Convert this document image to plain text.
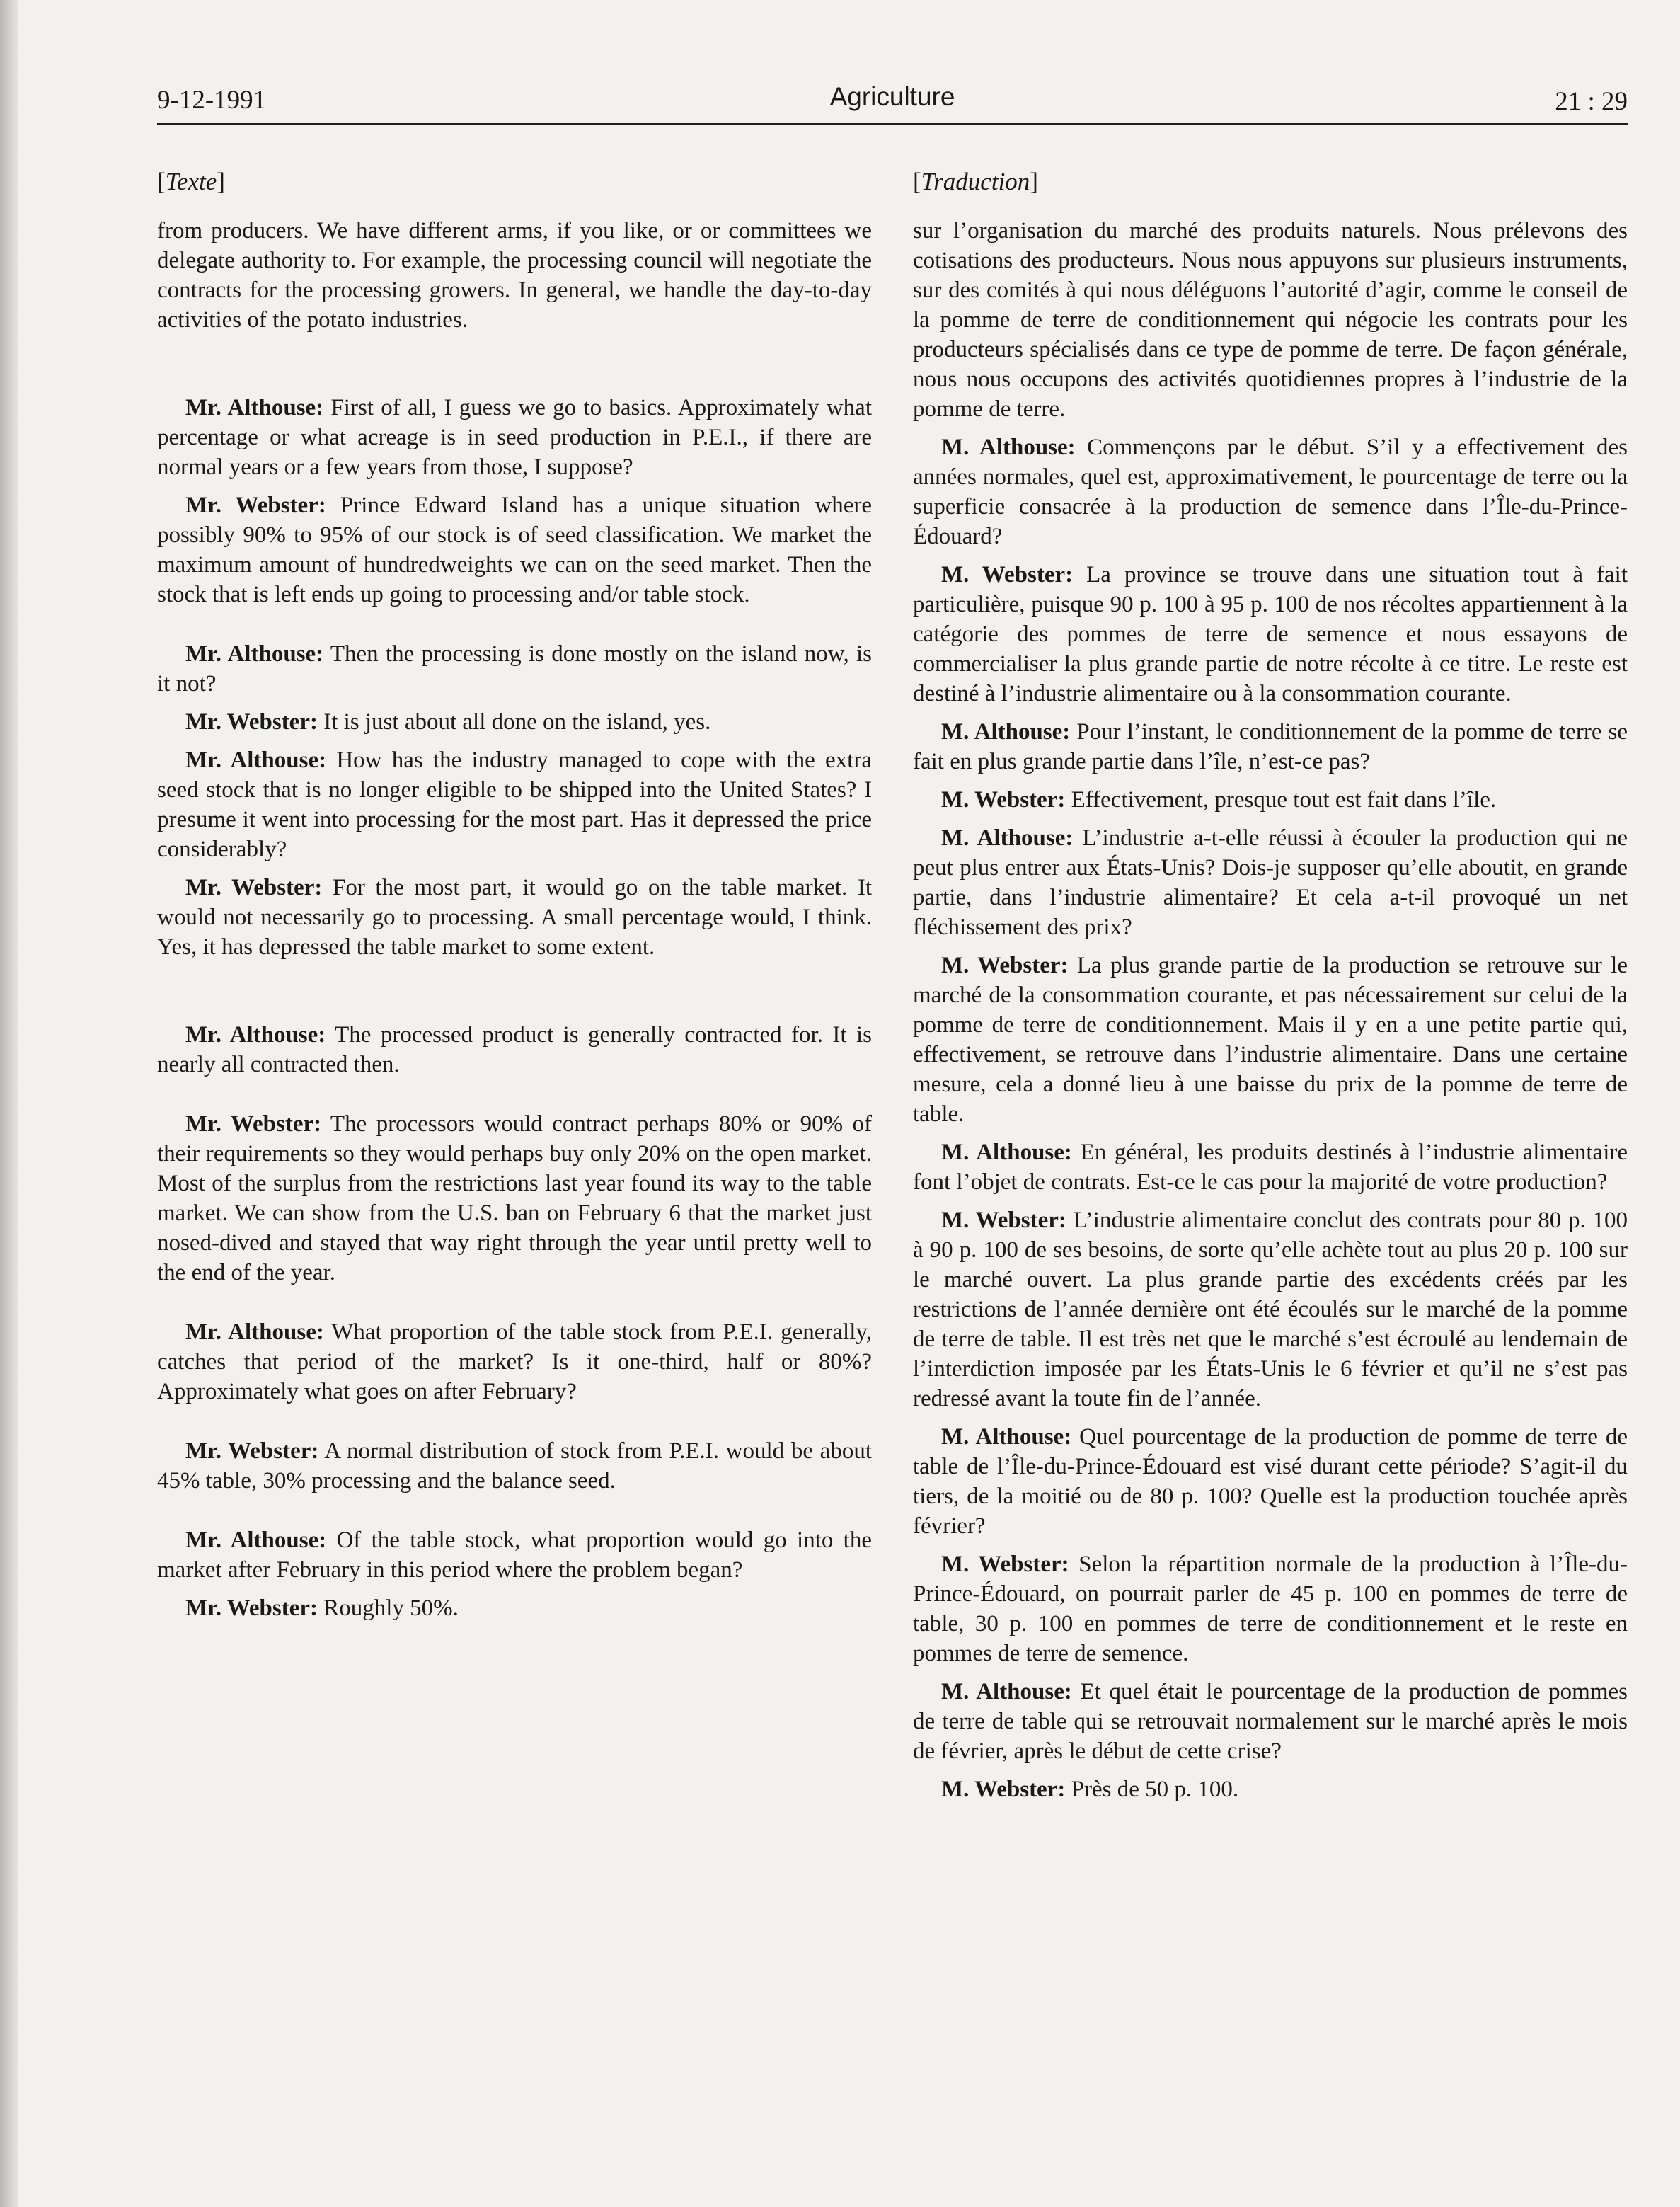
9-12-1991	Agriculture	21 : 29
[Texte]

from producers. We have different arms, if you like, or or committees we delegate authority to. For example, the processing council will negotiate the contracts for the processing growers. In general, we handle the day-to-day activities of the potato industries.

Mr. Althouse: First of all, I guess we go to basics. Approximately what percentage or what acreage is in seed production in P.E.I., if there are normal years or a few years from those, I suppose?

Mr. Webster: Prince Edward Island has a unique situation where possibly 90% to 95% of our stock is of seed classification. We market the maximum amount of hundredweights we can on the seed market. Then the stock that is left ends up going to processing and/or table stock.

Mr. Althouse: Then the processing is done mostly on the island now, is it not?

Mr. Webster: It is just about all done on the island, yes.

Mr. Althouse: How has the industry managed to cope with the extra seed stock that is no longer eligible to be shipped into the United States? I presume it went into processing for the most part. Has it depressed the price considerably?

Mr. Webster: For the most part, it would go on the table market. It would not necessarily go to processing. A small percentage would, I think. Yes, it has depressed the table market to some extent.

Mr. Althouse: The processed product is generally contracted for. It is nearly all contracted then.

Mr. Webster: The processors would contract perhaps 80% or 90% of their requirements so they would perhaps buy only 20% on the open market. Most of the surplus from the restrictions last year found its way to the table market. We can show from the U.S. ban on February 6 that the market just nosed-dived and stayed that way right through the year until pretty well to the end of the year.

Mr. Althouse: What proportion of the table stock from P.E.I. generally, catches that period of the market? Is it one-third, half or 80%? Approximately what goes on after February?

Mr. Webster: A normal distribution of stock from P.E.I. would be about 45% table, 30% processing and the balance seed.

Mr. Althouse: Of the table stock, what proportion would go into the market after February in this period where the problem began?

Mr. Webster: Roughly 50%.

[Traduction]

sur l’organisation du marché des produits naturels. Nous prélevons des cotisations des producteurs. Nous nous appuyons sur plusieurs instruments, sur des comités à qui nous déléguons l’autorité d’agir, comme le conseil de la pomme de terre de conditionnement qui négocie les contrats pour les producteurs spécialisés dans ce type de pomme de terre. De façon générale, nous nous occupons des activités quotidiennes propres à l’industrie de la pomme de terre.

M. Althouse: Commençons par le début. S’il y a effectivement des années normales, quel est, approximativement, le pourcentage de terre ou la superficie consacrée à la production de semence dans l’Île-du-Prince-Édouard?

M. Webster: La province se trouve dans une situation tout à fait particulière, puisque 90 p. 100 à 95 p. 100 de nos récoltes appartiennent à la catégorie des pommes de terre de semence et nous essayons de commercialiser la plus grande partie de notre récolte à ce titre. Le reste est destiné à l’industrie alimentaire ou à la consommation courante.

M. Althouse: Pour l’instant, le conditionnement de la pomme de terre se fait en plus grande partie dans l’île, n’est-ce pas?

M. Webster: Effectivement, presque tout est fait dans l’île.

M. Althouse: L’industrie a-t-elle réussi à écouler la production qui ne peut plus entrer aux États-Unis? Dois-je supposer qu’elle aboutit, en grande partie, dans l’industrie alimentaire? Et cela a-t-il provoqué un net fléchissement des prix?

M. Webster: La plus grande partie de la production se retrouve sur le marché de la consommation courante, et pas nécessairement sur celui de la pomme de terre de conditionnement. Mais il y en a une petite partie qui, effectivement, se retrouve dans l’industrie alimentaire. Dans une certaine mesure, cela a donné lieu à une baisse du prix de la pomme de terre de table.

M. Althouse: En général, les produits destinés à l’industrie alimentaire font l’objet de contrats. Est-ce le cas pour la majorité de votre production?

M. Webster: L’industrie alimentaire conclut des contrats pour 80 p. 100 à 90 p. 100 de ses besoins, de sorte qu’elle achète tout au plus 20 p. 100 sur le marché ouvert. La plus grande partie des excédents créés par les restrictions de l’année dernière ont été écoulés sur le marché de la pomme de terre de table. Il est très net que le marché s’est écroulé au lendemain de l’interdiction imposée par les États-Unis le 6 février et qu’il ne s’est pas redressé avant la toute fin de l’année.

M. Althouse: Quel pourcentage de la production de pomme de terre de table de l’Île-du-Prince-Édouard est visé durant cette période? S’agit-il du tiers, de la moitié ou de 80 p. 100? Quelle est la production touchée après février?

M. Webster: Selon la répartition normale de la production à l’Île-du-Prince-Édouard, on pourrait parler de 45 p. 100 en pommes de terre de table, 30 p. 100 en pommes de terre de conditionnement et le reste en pommes de terre de semence.

M. Althouse: Et quel était le pourcentage de la production de pommes de terre de table qui se retrouvait normalement sur le marché après le mois de février, après le début de cette crise?

M. Webster: Près de 50 p. 100.
